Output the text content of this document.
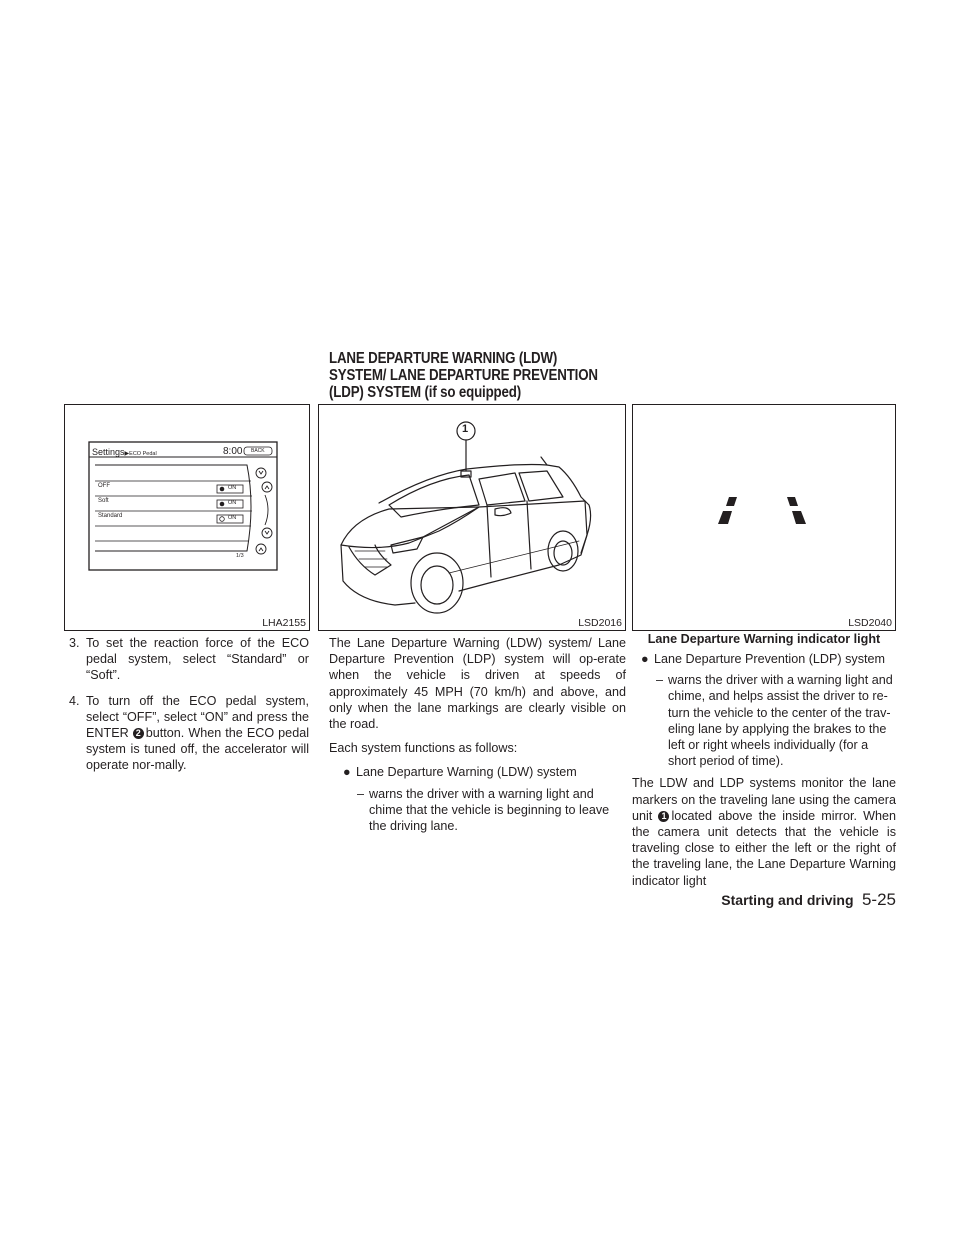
LANE DEPARTURE WARNING (LDW)
SYSTEM/ LANE DEPARTURE PREVENTION
(LDP) SYSTEM (if so equipped)
Settings▶ECO Pedal	8:00 BACK
OFF
Soft
Standard
ON
ON
ON
1/3
LHA2155
1
LSD2016	LSD2040
3. To set the reaction force of the ECO pedal system, select “Standard” or “Soft”.
4. To turn off the ECO pedal system, select “OFF”, select “ON” and press the ENTER 2 button. When the ECO pedal system is tuned off, the accelerator will operate nor-mally.

The Lane Departure Warning (LDW) system/ Lane Departure Prevention (LDP) system will op-erate when the vehicle is driven at speeds of approximately 45 MPH (70 km/h) and above, and only when the lane markings are clearly visible on the road.

Each system functions as follows:

● Lane Departure Warning (LDW) system
– warns the driver with a warning light and chime that the vehicle is beginning to leave the driving lane.
Lane Departure Warning indicator light
● Lane Departure Prevention (LDP) system
– warns the driver with a warning light and chime, and helps assist the driver to re-turn the vehicle to the center of the trav-eling lane by applying the brakes to the left or right wheels individually (for a short period of time).

The LDW and LDP systems monitor the lane markers on the traveling lane using the camera unit 1 located above the inside mirror. When the camera unit detects that the vehicle is traveling close to either the left or the right of the traveling lane, the Lane Departure Warning indicator light

Starting and driving 5-25
